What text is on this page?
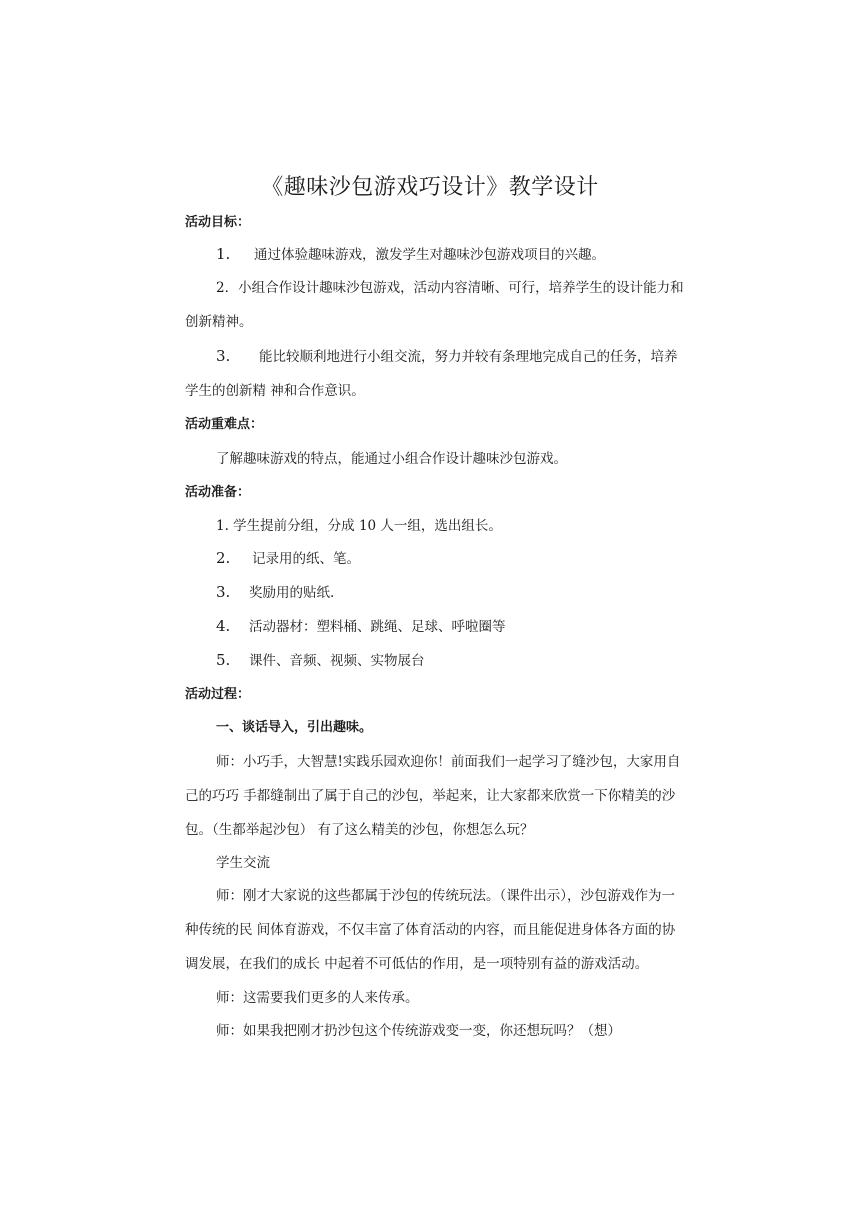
《趣味沙包游戏巧设计》教学设计
活动目标：
1. 通过体验趣味游戏，激发学生对趣味沙包游戏项目的兴趣。
2．小组合作设计趣味沙包游戏，活动内容清晰、可行，培养学生的设计能力和
创新精神。
3. 能比较顺利地进行小组交流，努力并较有条理地完成自己的任务，培养
学生的创新精 神和合作意识。
活动重难点：
了解趣味游戏的特点，能通过小组合作设计趣味沙包游戏。
活动准备：
1. 学生提前分组，分成 10 人一组，选出组长。
2. 记录用的纸、笔。
3. 奖励用的贴纸.
4. 活动器材：塑料桶、跳绳、足球、呼啦圈等
5. 课件、音频、视频、实物展台
活动过程：
一、谈话导入，引出趣味。
师：小巧手，大智慧!实践乐园欢迎你！前面我们一起学习了缝沙包，大家用自
己的巧巧 手都缝制出了属于自己的沙包，举起来，让大家都来欣赏一下你精美的沙
包。（生都举起沙包） 有了这么精美的沙包，你想怎么玩？
学生交流
师：刚才大家说的这些都属于沙包的传统玩法。（课件出示），沙包游戏作为一
种传统的民 间体育游戏，不仅丰富了体育活动的内容，而且能促进身体各方面的协
调发展，在我们的成长 中起着不可低估的作用，是一项特别有益的游戏活动。
师：这需要我们更多的人来传承。
师：如果我把刚才扔沙包这个传统游戏变一变，你还想玩吗？（想）
